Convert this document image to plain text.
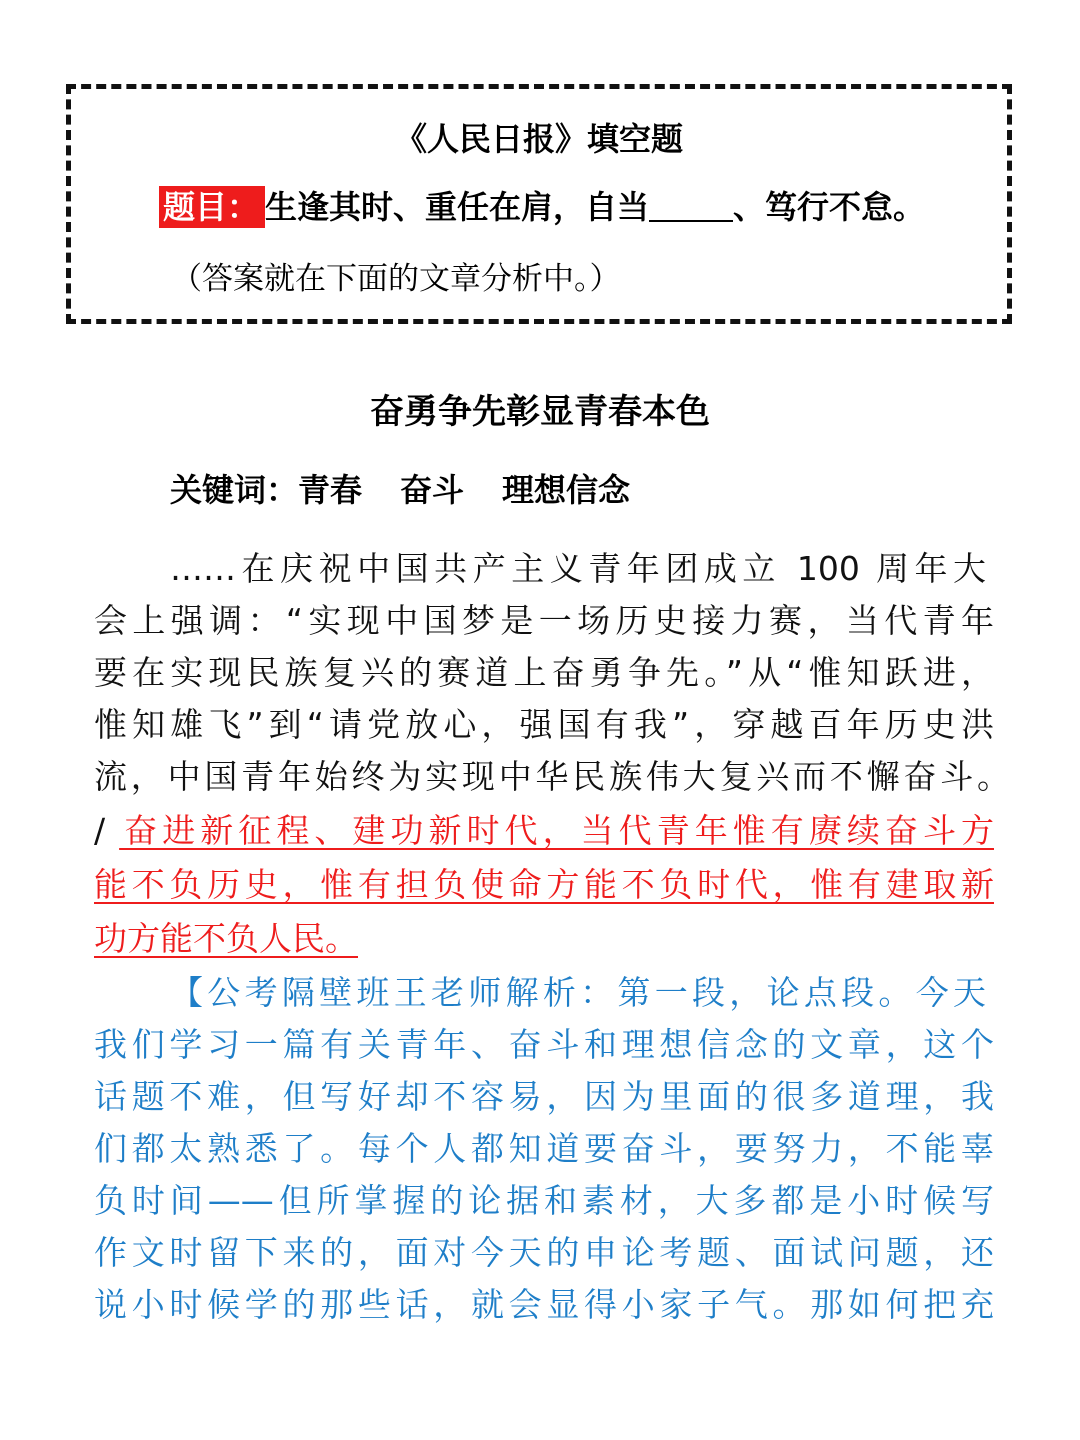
《人民日报》填空题
题目： 生逢其时、重任在肩，自当	、笃行不怠。
（答案就在下面的文章分析中。）
奋勇争先彰显青春本色
关键词：青春 奋斗 理想信念
……在庆祝中国共产主义青年团成立 100 周年大
会上强调：“实现中国梦是一场历史接力赛，当代青年
要在实现民族复兴的赛道上奋勇争先。”从“惟知跃进，
惟知雄飞”到“请党放心，强国有我”，穿越百年历史洪
流，中国青年始终为实现中华民族伟大复兴而不懈奋斗。
/ 奋进新征程、建功新时代，当代青年惟有赓续奋斗方
能不负历史，惟有担负使命方能不负时代，惟有建取新
功方能不负人民。
【公考隔壁班王老师解析：第一段，论点段。今天
我们学习一篇有关青年、奋斗和理想信念的文章，这个
话题不难，但写好却不容易，因为里面的很多道理，我
们都太熟悉了。每个人都知道要奋斗，要努力，不能辜
负时间——但所掌握的论据和素材，大多都是小时候写
作文时留下来的，面对今天的申论考题、面试问题，还
说小时候学的那些话，就会显得小家子气。那如何把充
